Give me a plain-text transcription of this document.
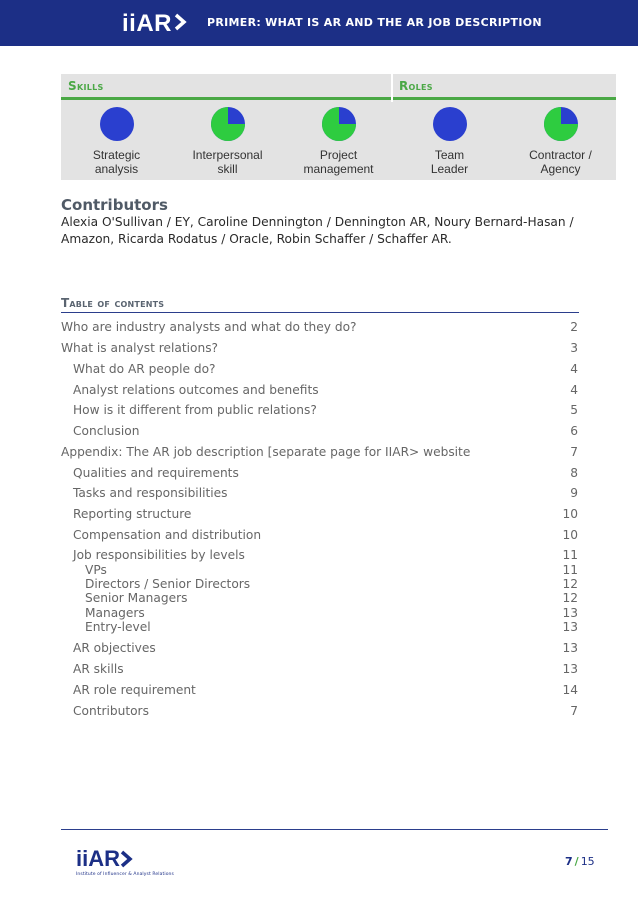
iiAR	PRIMER: WHAT IS AR AND THE AR JOB DESCRIPTION
Skills	Roles
Strategic
analysis
Interpersonal
skill
Project
management
Team
Leader
Contractor /
Agency
Contributors
Alexia O'Sullivan / EY, Caroline Dennington / Dennington AR, Noury Bernard-Hasan / Amazon, Ricarda Rodatus / Oracle, Robin Schaffer / Schaffer AR.
Table of contents
Who are industry analysts and what do they do?	2
What is analyst relations?	3
What do AR people do?	4
Analyst relations outcomes and benefits	4
How is it different from public relations?	5
Conclusion	6
Appendix: The AR job description [separate page for IIAR> website	7
Qualities and requirements	8
Tasks and responsibilities	9
Reporting structure	10
Compensation and distribution	10
Job responsibilities by levels	11
VPs	11
Directors / Senior Directors	12
Senior Managers	12
Managers	13
Entry-level	13
AR objectives	13
AR skills	13
AR role requirement	14
Contributors	7
iiAR
Institute of Influencer & Analyst Relations
7 / 15
